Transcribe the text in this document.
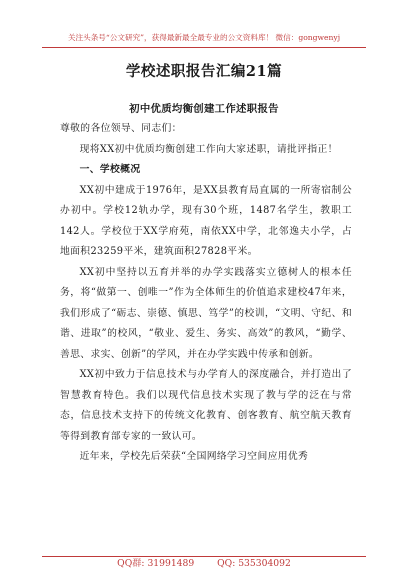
关注头条号“公文研究”，获得最新最全最专业的公文资料库！ 微信：gongwenyj
学校述职报告汇编21篇
初中优质均衡创建工作述职报告

尊敬的各位领导、同志们：

现将XX初中优质均衡创建工作向大家述职，请批评指正！

一、学校概况

XX初中建成于1976年，是XX县教育局直属的一所寄宿制公办初中。学校12轨办学，现有30个班，1487名学生，教职工142人。学校位于XX学府苑，南依XX中学，北邻逸夫小学，占地面积23259平米，建筑面积27828平米。

XX初中坚持以五育并举的办学实践落实立德树人的根本任务，将“做第一、创唯一”作为全体师生的价值追求建校47年来，我们形成了“砺志、崇德、慎思、笃学”的校训，“文明、守纪、和谐、进取”的校风，“敬业、爱生、务实、高效”的教风，“勤学、善思、求实、创新”的学风，并在办学实践中传承和创新。

XX初中致力于信息技术与办学育人的深度融合，并打造出了智慧教育特色。我们以现代信息技术实现了教与学的泛在与常态，信息技术支持下的传统文化教育、创客教育、航空航天教育等得到教育部专家的一致认可。

近年来，学校先后荣获“全国网络学习空间应用优秀

QQ群: 31991489 QQ: 535304092
